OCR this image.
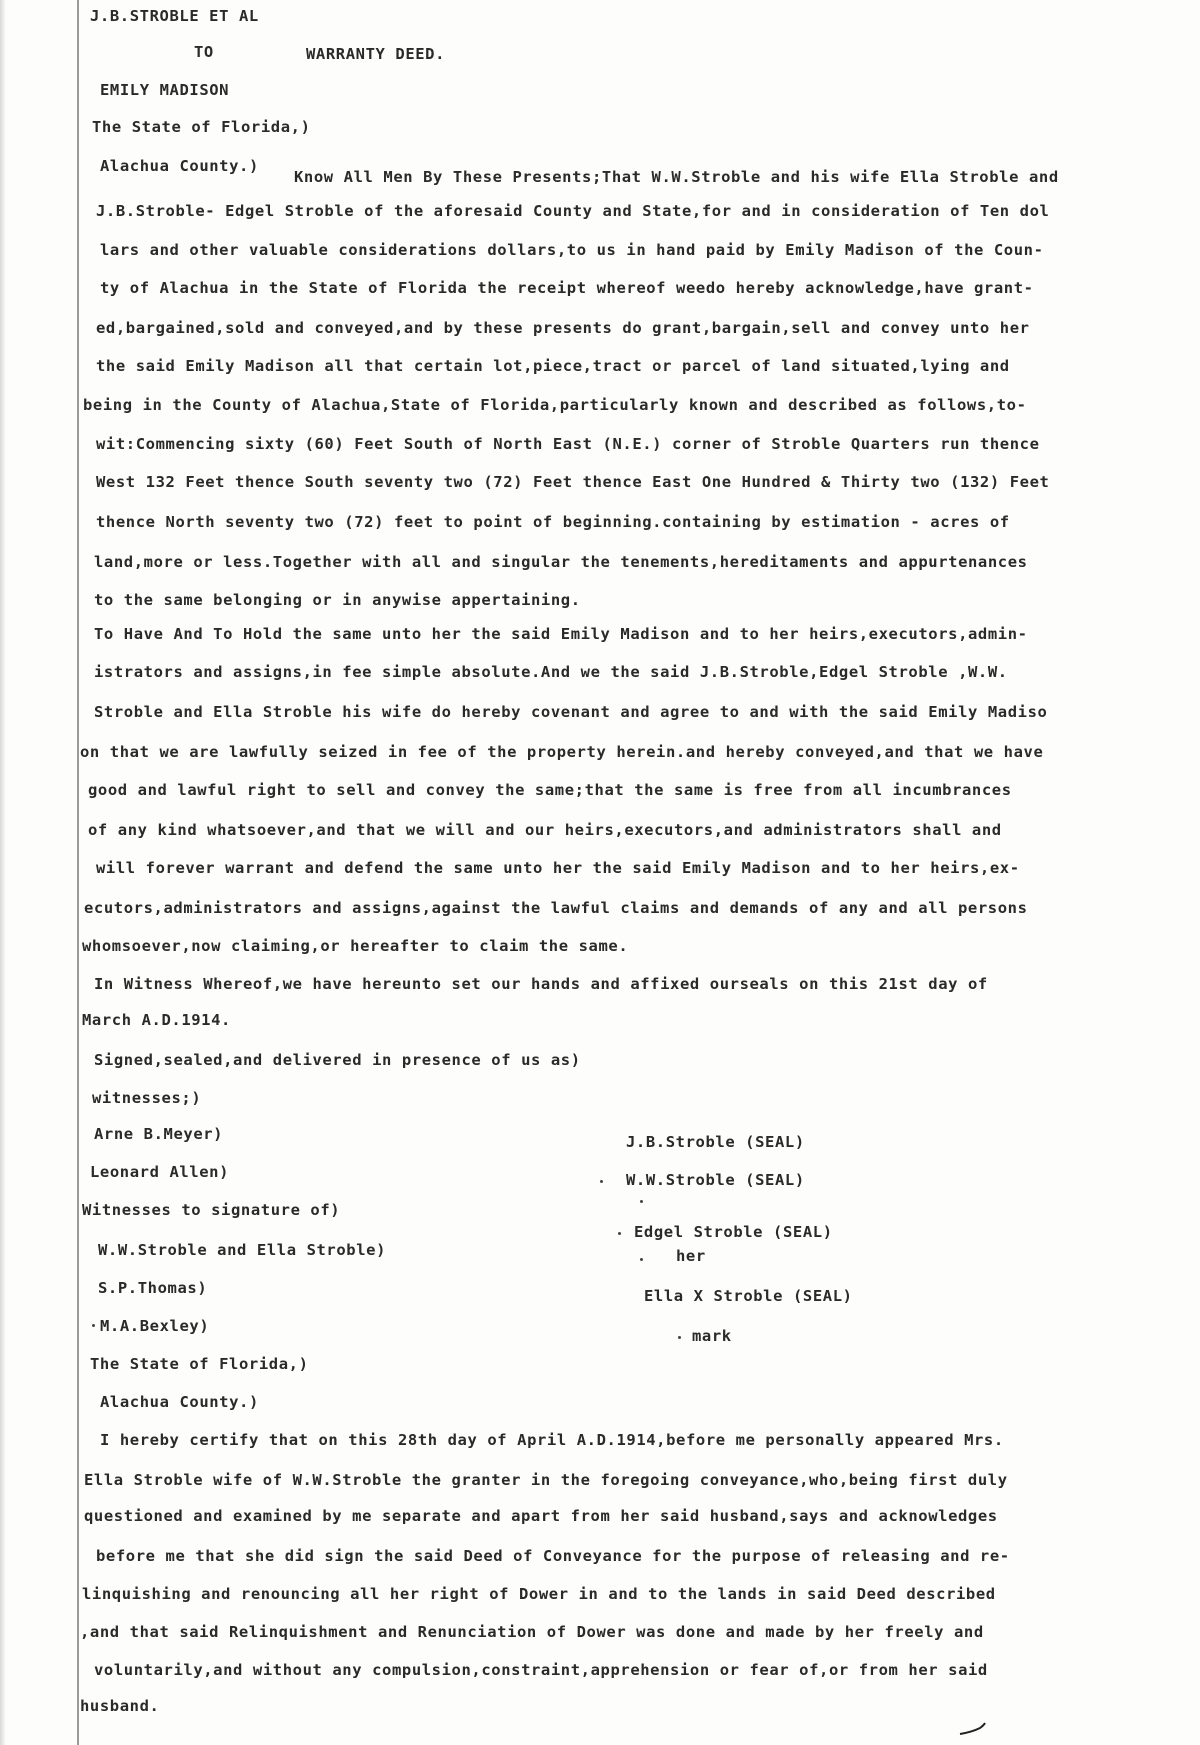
J.B.STROBLE ET AL

TO	WARRANTY DEED.

EMILY MADISON

The State of Florida,)

Alachua County.)

Know All Men By These Presents;That W.W.Stroble and his wife Ella Stroble and

J.B.Stroble- Edgel Stroble of the aforesaid County and State,for and in consideration of Ten dol

lars and other valuable considerations dollars,to us in hand paid by Emily Madison of the Coun-

ty of Alachua in the State of Florida the receipt whereof weedo hereby acknowledge,have grant-

ed,bargained,sold and conveyed,and by these presents do grant,bargain,sell and convey unto her

the said Emily Madison all that certain lot,piece,tract or parcel of land situated,lying and

being in the County of Alachua,State of Florida,particularly known and described as follows,to-

wit:Commencing sixty (60) Feet South of North East (N.E.) corner of Stroble Quarters run thence

West 132 Feet thence South seventy two (72) Feet thence East One Hundred & Thirty two (132) Feet

thence North seventy two (72) feet to point of beginning.containing by estimation - acres of

land,more or less.Together with all and singular the tenements,hereditaments and appurtenances

to the same belonging or in anywise appertaining.

To Have And To Hold the same unto her the said Emily Madison and to her heirs,executors,admin-

istrators and assigns,in fee simple absolute.And we the said J.B.Stroble,Edgel Stroble ,W.W.

Stroble and Ella Stroble his wife do hereby covenant and agree to and with the said Emily Madiso

on that we are lawfully seized in fee of the property herein.and hereby conveyed,and that we have

good and lawful right to sell and convey the same;that the same is free from all incumbrances

of any kind whatsoever,and that we will and our heirs,executors,and administrators shall and

will forever warrant and defend the same unto her the said Emily Madison and to her heirs,ex-

ecutors,administrators and assigns,against the lawful claims and demands of any and all persons

whomsoever,now claiming,or hereafter to claim the same.

In Witness Whereof,we have hereunto set our hands and affixed ourseals on this 21st day of

March A.D.1914.

Signed,sealed,and delivered in presence of us as)

witnesses;)

Arne B.Meyer)

Leonard Allen)

Witnesses to signature of)

W.W.Stroble and Ella Stroble)

S.P.Thomas)

M.A.Bexley)

J.B.Stroble (SEAL)

W.W.Stroble (SEAL)

Edgel Stroble (SEAL)

her

Ella X Stroble (SEAL)

mark

The State of Florida,)

Alachua County.)

I hereby certify that on this 28th day of April A.D.1914,before me personally appeared Mrs.

Ella Stroble wife of W.W.Stroble the granter in the foregoing conveyance,who,being first duly

questioned and examined by me separate and apart from her said husband,says and acknowledges

before me that she did sign the said Deed of Conveyance for the purpose of releasing and re-

linquishing and renouncing all her right of Dower in and to the lands in said Deed described

,and that said Relinquishment and Renunciation of Dower was done and made by her freely and

voluntarily,and without any compulsion,constraint,apprehension or fear of,or from her said

husband.
